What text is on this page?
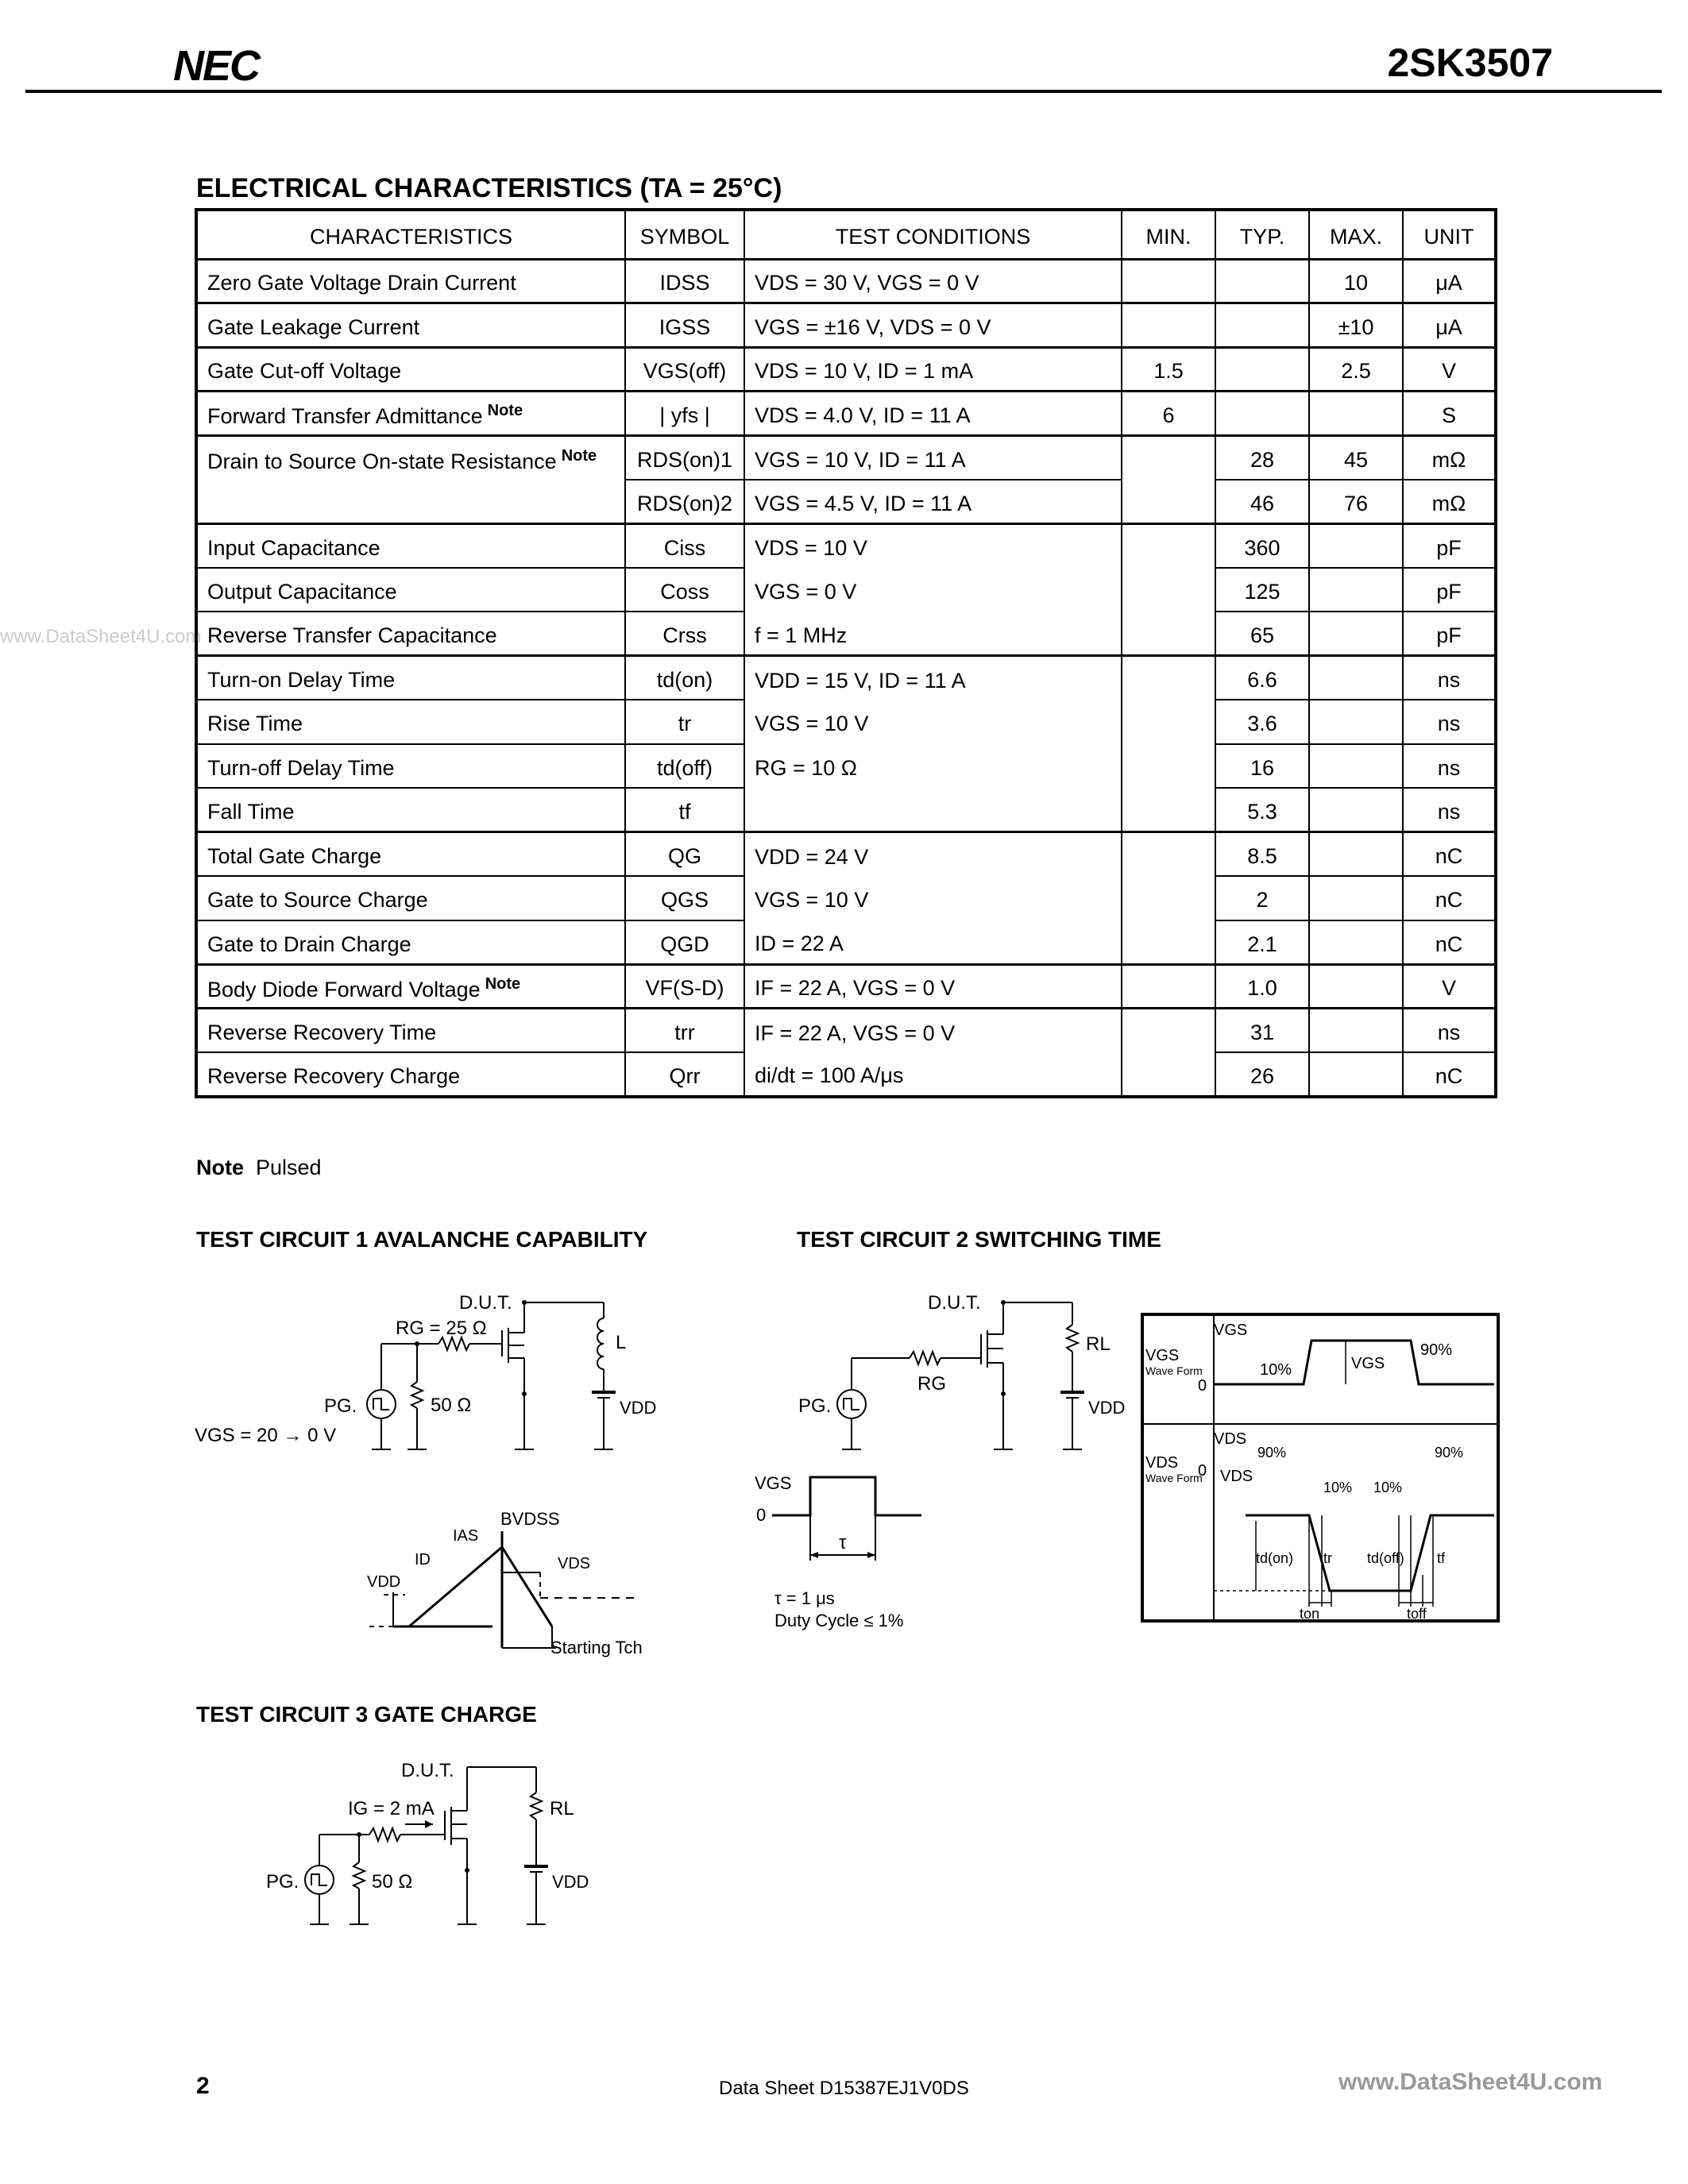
NEC	2SK3507
ELECTRICAL CHARACTERISTICS (TA = 25°C)
www.DataSheet4U.com
CHARACTERISTICS	SYMBOL	TEST CONDITIONS	MIN.	TYP.	MAX.	UNIT
Zero Gate Voltage Drain Current	IDSS	VDS = 30 V, VGS = 0 V			10	μA
Gate Leakage Current	IGSS	VGS = ±16 V, VDS = 0 V			±10	μA
Gate Cut-off Voltage	VGS(off)	VDS = 10 V, ID = 1 mA	1.5		2.5	V
Forward Transfer Admittance $^{Note}$	| yfs |	VDS = 4.0 V, ID = 11 A	6			S
Drain to Source On-state Resistance $^{Note}$	RDS(on)1	VGS = 10 V, ID = 11 A		28	45	mΩ
	RDS(on)2	VGS = 4.5 V, ID = 11 A		46	76	mΩ
Input Capacitance	Ciss	VDS = 10 V		360		pF
Output Capacitance	Coss	VGS = 0 V		125		pF
Reverse Transfer Capacitance	Crss	f = 1 MHz		65		pF
Turn-on Delay Time	td(on)	VDD = 15 V, ID = 11 A		6.6		ns
Rise Time	tr	VGS = 10 V		3.6		ns
Turn-off Delay Time	td(off)	RG = 10 Ω		16		ns
Fall Time	tf			5.3		ns
Total Gate Charge	QG	VDD = 24 V		8.5		nC
Gate to Source Charge	QGS	VGS = 10 V		2		nC
Gate to Drain Charge	QGD	ID = 22 A		2.1		nC
Body Diode Forward Voltage $^{Note}$	VF(S-D)	IF = 22 A, VGS = 0 V		1.0		V
Reverse Recovery Time	trr	IF = 22 A, VGS = 0 V		31		ns
Reverse Recovery Charge	Qrr	di/dt = 100 A/μs		26		nC
Note Pulsed
TEST CIRCUIT 1 AVALANCHE CAPABILITY	TEST CIRCUIT 2 SWITCHING TIME
TEST CIRCUIT 3 GATE CHARGE
D.U.T.
RG = 25 Ω
L
PG.	50 Ω	VDD
VGS = 20 → 0 V
BVDSS
IAS
ID	VDS
VDD
Starting Tch
D.U.T.
RL
RG
PG.	VDD
VGS
0
τ
τ = 1 μs
Duty Cycle ≤ 1%
VGS
VGS
Wave Form
0
10%	VGS
90%
VDS
VDS
Wave Form
0 VDS
90%	90%
10% 10%
td(on) tr td(off) tf
ton	toff
D.U.T.
IG = 2 mA
PG.	50 Ω
RL
VDD
2	Data Sheet D15387EJ1V0DS	www.DataSheet4U.com
